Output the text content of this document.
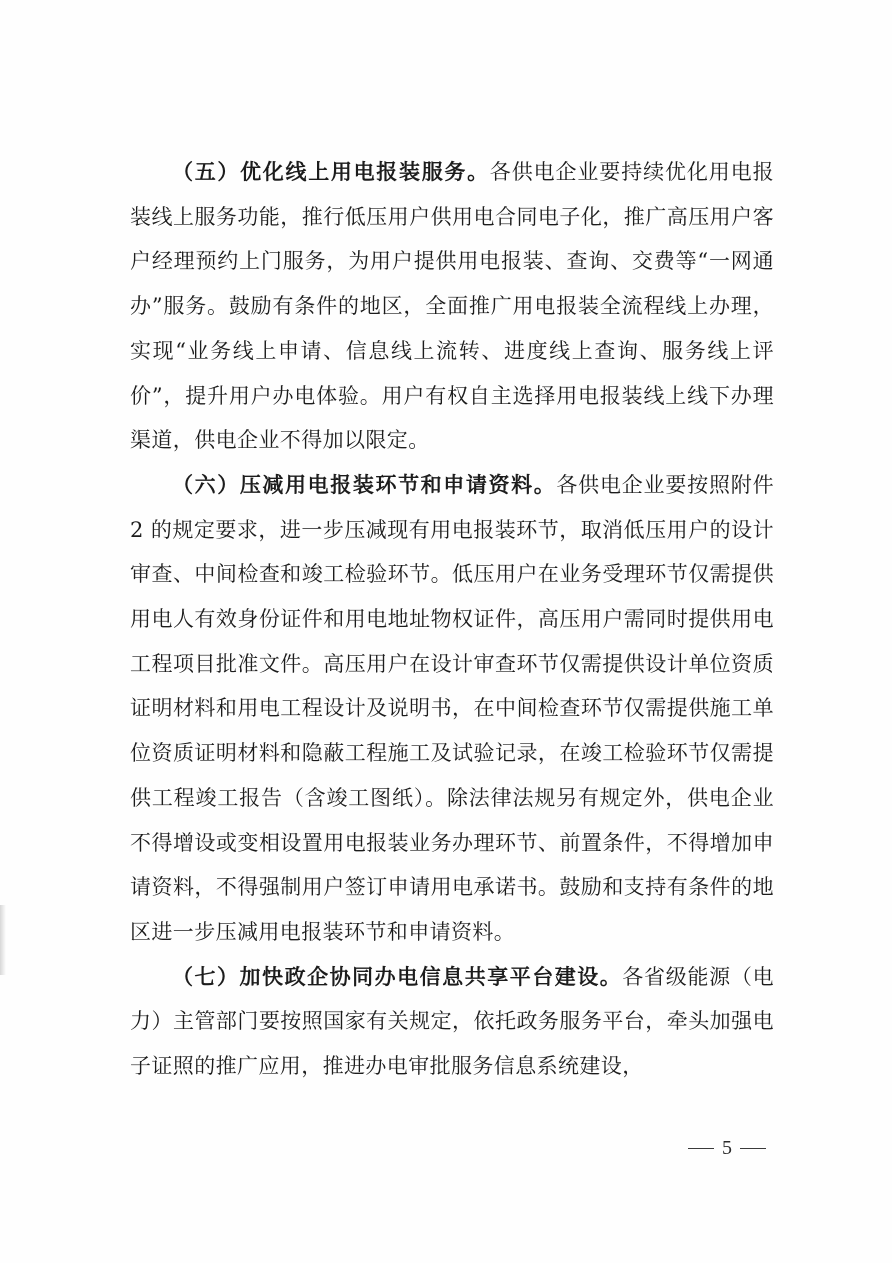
（五）优化线上用电报装服务。各供电企业要持续优化用电报装线上服务功能，推行低压用户供用电合同电子化，推广高压用户客户经理预约上门服务，为用户提供用电报装、查询、交费等“一网通办”服务。鼓励有条件的地区，全面推广用电报装全流程线上办理，实现“业务线上申请、信息线上流转、进度线上查询、服务线上评价”，提升用户办电体验。用户有权自主选择用电报装线上线下办理渠道，供电企业不得加以限定。

（六）压减用电报装环节和申请资料。各供电企业要按照附件 2 的规定要求，进一步压减现有用电报装环节，取消低压用户的设计审查、中间检查和竣工检验环节。低压用户在业务受理环节仅需提供用电人有效身份证件和用电地址物权证件，高压用户需同时提供用电工程项目批准文件。高压用户在设计审查环节仅需提供设计单位资质证明材料和用电工程设计及说明书，在中间检查环节仅需提供施工单位资质证明材料和隐蔽工程施工及试验记录，在竣工检验环节仅需提供工程竣工报告（含竣工图纸）。除法律法规另有规定外，供电企业不得增设或变相设置用电报装业务办理环节、前置条件，不得增加申请资料，不得强制用户签订申请用电承诺书。鼓励和支持有条件的地区进一步压减用电报装环节和申请资料。

（七）加快政企协同办电信息共享平台建设。各省级能源（电力）主管部门要按照国家有关规定，依托政务服务平台，牵头加强电子证照的推广应用，推进办电审批服务信息系统建设，

5
